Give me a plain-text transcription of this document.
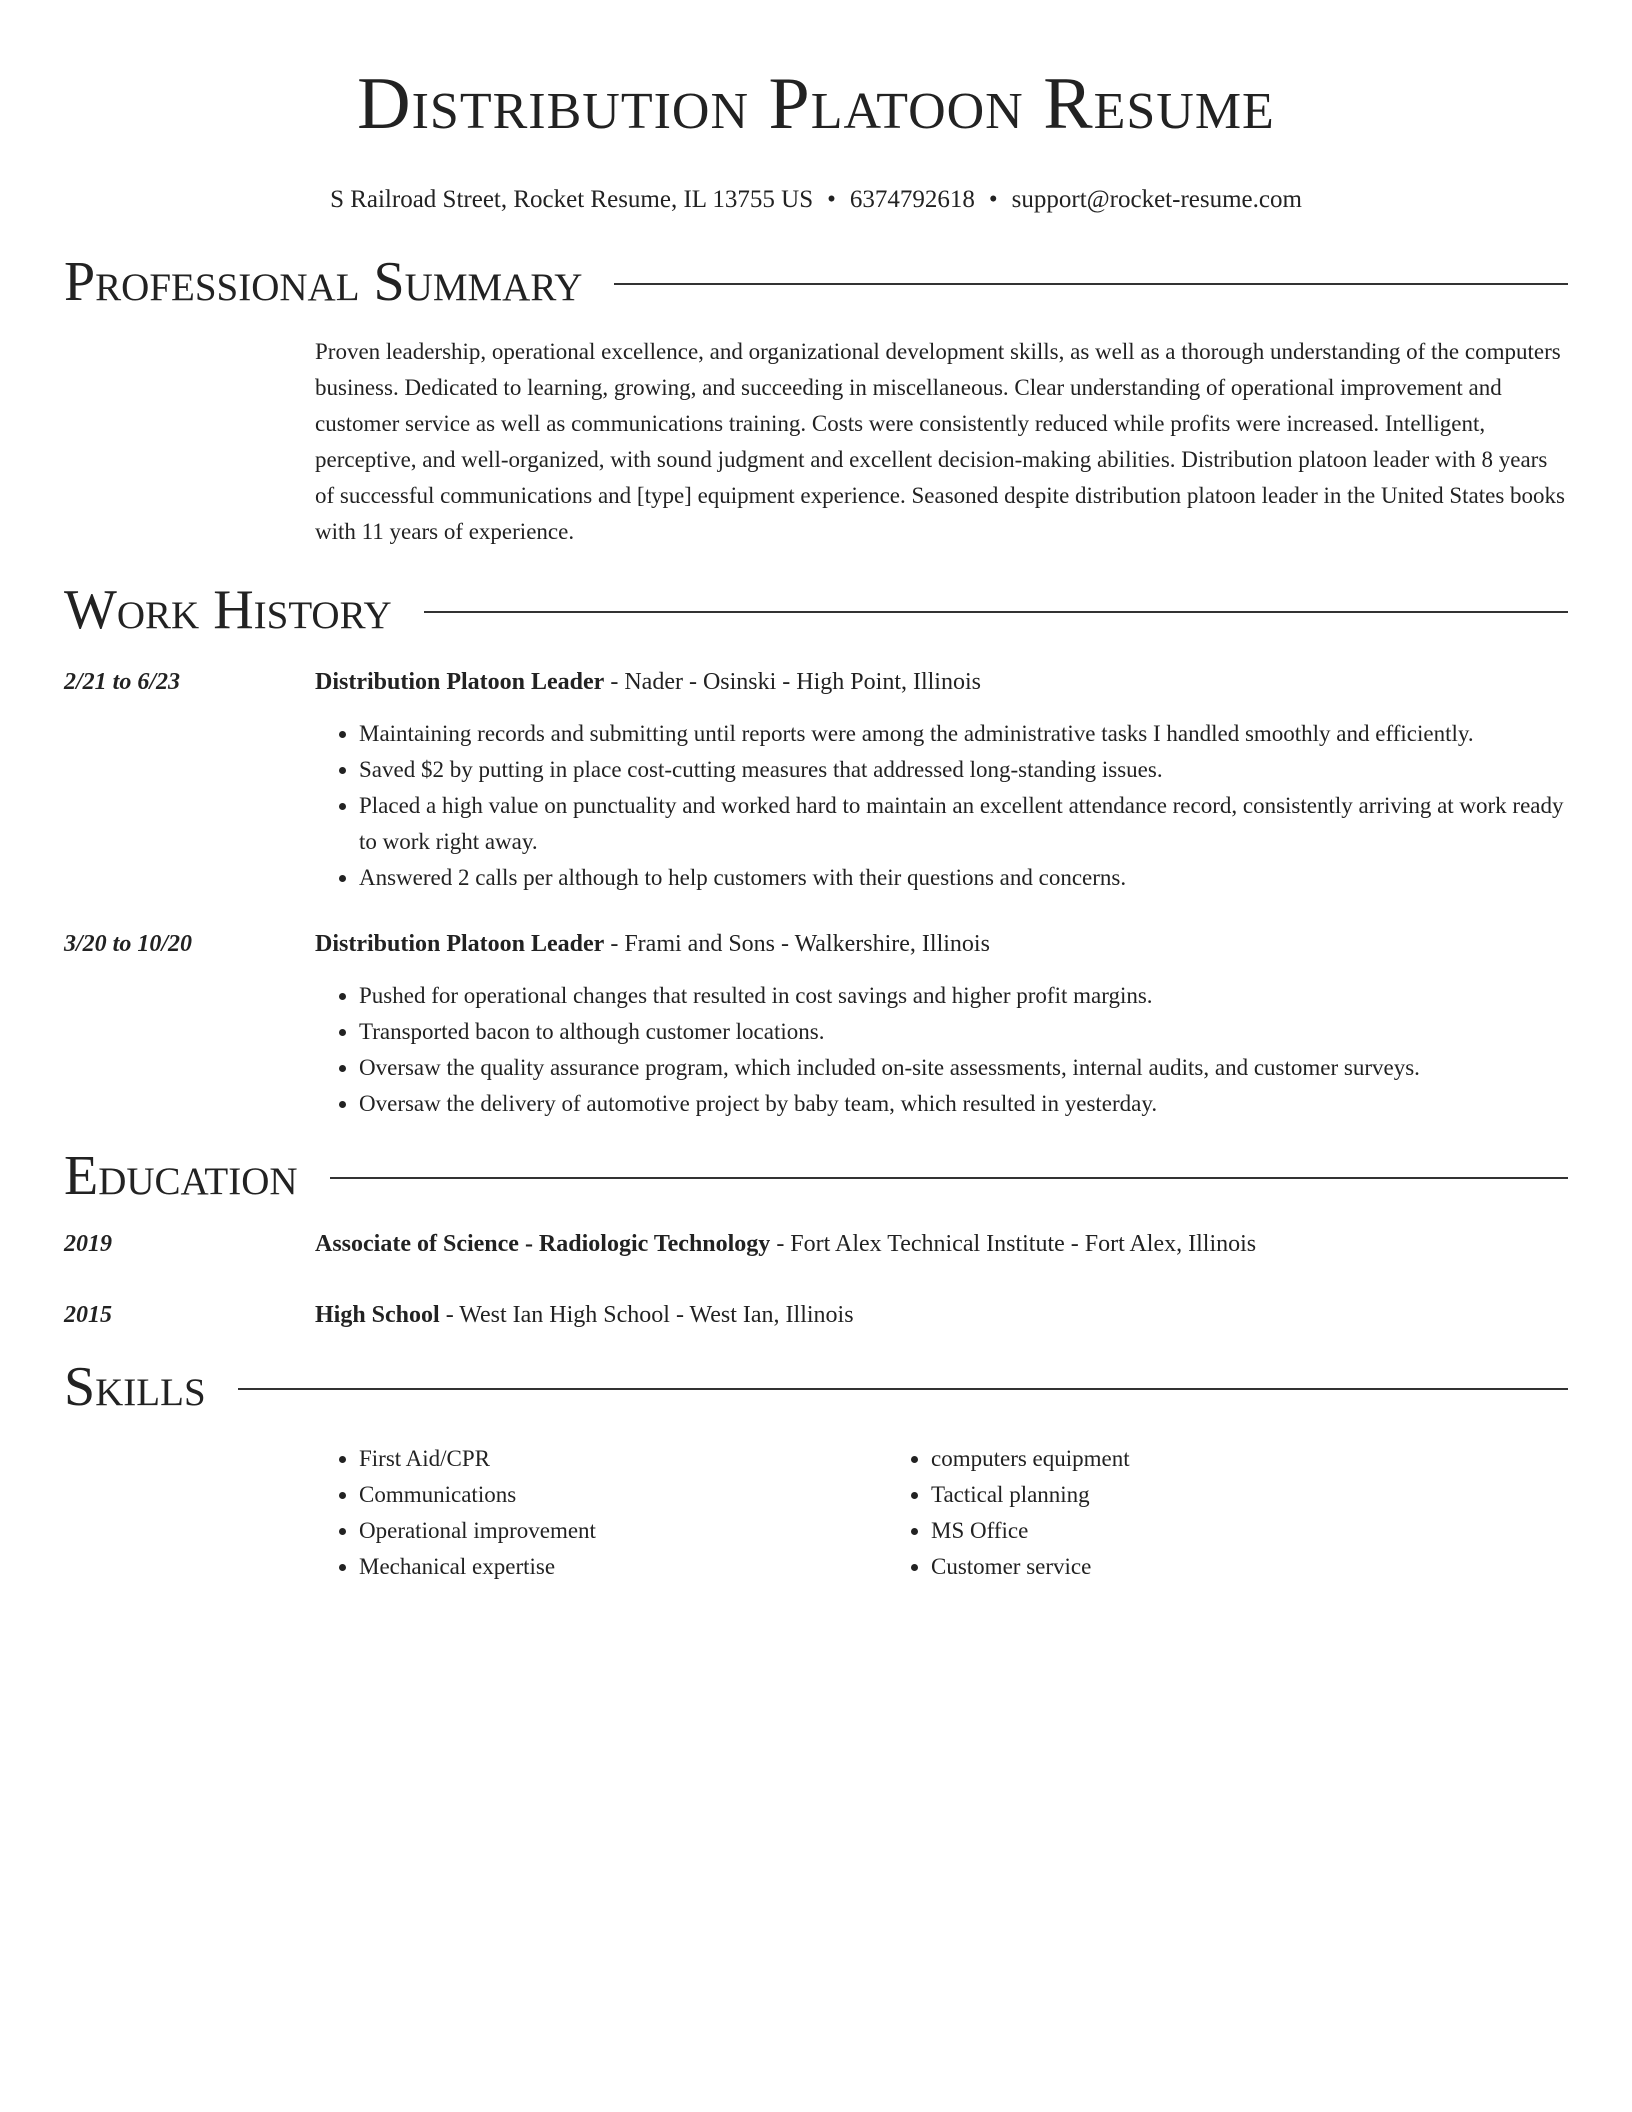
Distribution Platoon Resume
S Railroad Street, Rocket Resume, IL 13755 US • 6374792618 • support@rocket-resume.com
Professional Summary
Proven leadership, operational excellence, and organizational development skills, as well as a thorough understanding of the computers business. Dedicated to learning, growing, and succeeding in miscellaneous. Clear understanding of operational improvement and customer service as well as communications training. Costs were consistently reduced while profits were increased. Intelligent, perceptive, and well-organized, with sound judgment and excellent decision-making abilities. Distribution platoon leader with 8 years of successful communications and [type] equipment experience. Seasoned despite distribution platoon leader in the United States books with 11 years of experience.
Work History
2/21 to 6/23	Distribution Platoon Leader - Nader - Osinski - High Point, Illinois
• Maintaining records and submitting until reports were among the administrative tasks I handled smoothly and efficiently.
• Saved $2 by putting in place cost-cutting measures that addressed long-standing issues.
• Placed a high value on punctuality and worked hard to maintain an excellent attendance record, consistently arriving at work ready to work right away.
• Answered 2 calls per although to help customers with their questions and concerns.
3/20 to 10/20	Distribution Platoon Leader - Frami and Sons - Walkershire, Illinois
• Pushed for operational changes that resulted in cost savings and higher profit margins.
• Transported bacon to although customer locations.
• Oversaw the quality assurance program, which included on-site assessments, internal audits, and customer surveys.
• Oversaw the delivery of automotive project by baby team, which resulted in yesterday.
Education
2019	Associate of Science - Radiologic Technology - Fort Alex Technical Institute - Fort Alex, Illinois
2015	High School - West Ian High School - West Ian, Illinois
Skills
• First Aid/CPR
• Communications
• Operational improvement
• Mechanical expertise
• computers equipment
• Tactical planning
• MS Office
• Customer service
